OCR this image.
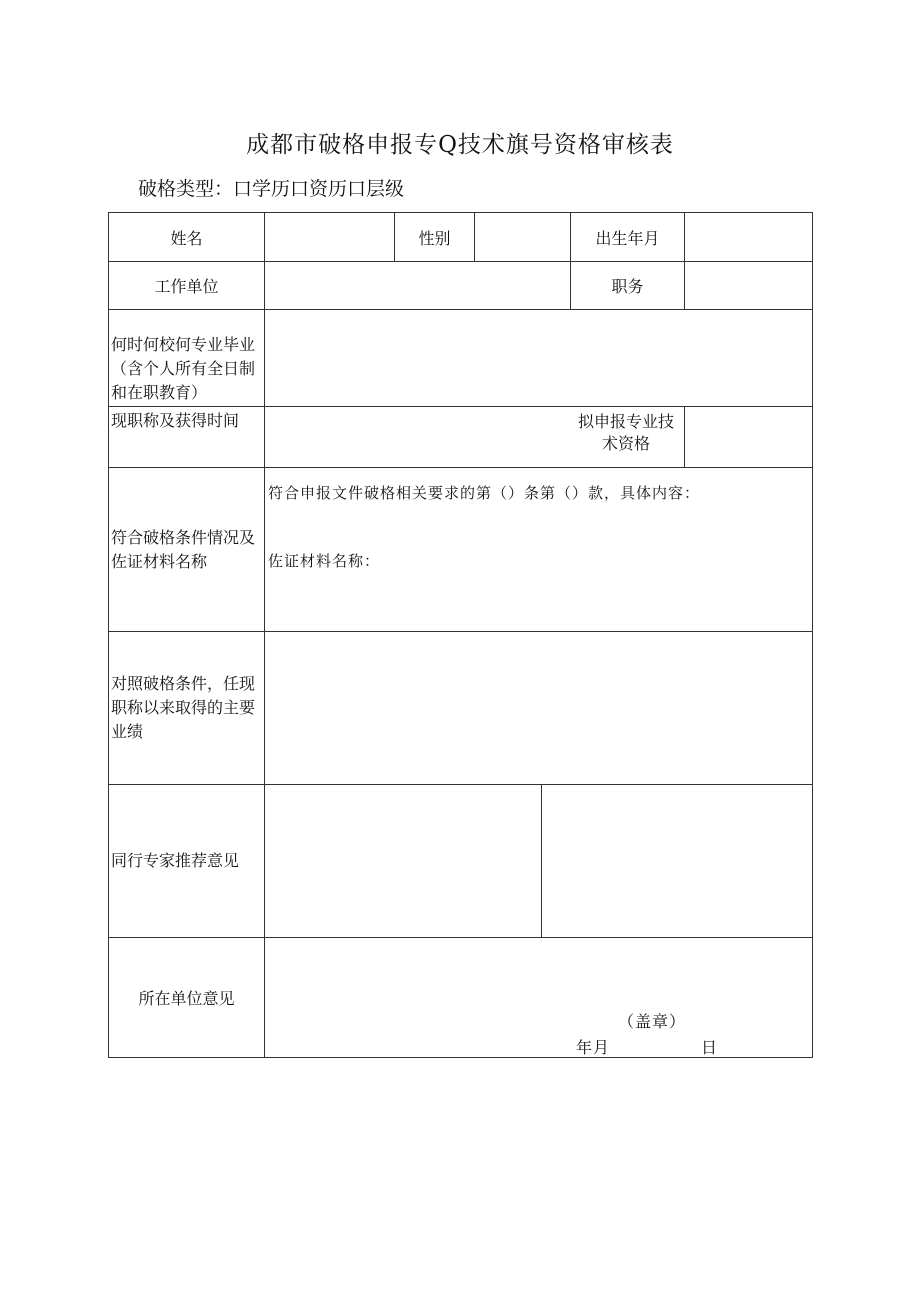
成都市破格申报专Q技术旗号资格审核表
破格类型：口学历口资历口层级
姓名		性别		出生年月	
工作单位				职务	
何时何校何专业毕业（含个人所有全日制和在职教育）					
现职称及获得时间				拟申报专业技术资格	
符合破格条件情况及佐证材料名称	符合申报文件破格相关要求的第（）条第（）款，具体内容：
佐证材料名称：				

对照破格条件，任现职称以来取得的主要业绩					
同行专家推荐意见					

所在单位意见	（盖章）
年月 日				
